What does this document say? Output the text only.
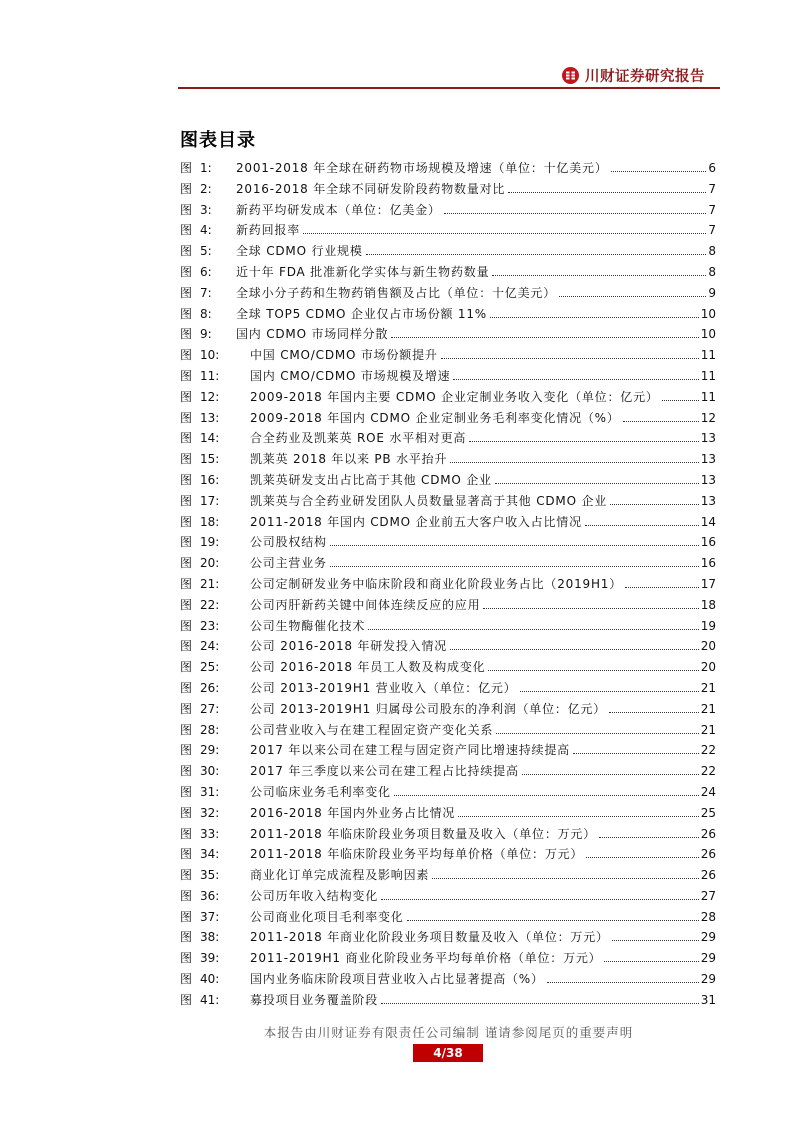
川财证券研究报告
图表目录
图 1:	2001-2018 年全球在研药物市场规模及增速（单位：十亿美元）	6
图 2:	2016-2018 年全球不同研发阶段药物数量对比	7
图 3:	新药平均研发成本（单位：亿美金）	7
图 4:	新药回报率	7
图 5:	全球 CDMO 行业规模	8
图 6:	近十年 FDA 批准新化学实体与新生物药数量	8
图 7:	全球小分子药和生物药销售额及占比（单位：十亿美元）	9
图 8:	全球 TOP5 CDMO 企业仅占市场份额 11%	10
图 9:	国内 CDMO 市场同样分散	10
图 10:	中国 CMO/CDMO 市场份额提升	11
图 11:	国内 CMO/CDMO 市场规模及增速	11
图 12:	2009-2018 年国内主要 CDMO 企业定制业务收入变化（单位：亿元）	11
图 13:	2009-2018 年国内 CDMO 企业定制业务毛利率变化情况（%）	12
图 14:	合全药业及凯莱英 ROE 水平相对更高	13
图 15:	凯莱英 2018 年以来 PB 水平抬升	13
图 16:	凯莱英研发支出占比高于其他 CDMO 企业	13
图 17:	凯莱英与合全药业研发团队人员数量显著高于其他 CDMO 企业	13
图 18:	2011-2018 年国内 CDMO 企业前五大客户收入占比情况	14
图 19:	公司股权结构	16
图 20:	公司主营业务	16
图 21:	公司定制研发业务中临床阶段和商业化阶段业务占比（2019H1）	17
图 22:	公司丙肝新药关键中间体连续反应的应用	18
图 23:	公司生物酶催化技术	19
图 24:	公司 2016-2018 年研发投入情况	20
图 25:	公司 2016-2018 年员工人数及构成变化	20
图 26:	公司 2013-2019H1 营业收入（单位：亿元）	21
图 27:	公司 2013-2019H1 归属母公司股东的净利润（单位：亿元）	21
图 28:	公司营业收入与在建工程固定资产变化关系	21
图 29:	2017 年以来公司在建工程与固定资产同比增速持续提高	22
图 30:	2017 年三季度以来公司在建工程占比持续提高	22
图 31:	公司临床业务毛利率变化	24
图 32:	2016-2018 年国内外业务占比情况	25
图 33:	2011-2018 年临床阶段业务项目数量及收入（单位：万元）	26
图 34:	2011-2018 年临床阶段业务平均每单价格（单位：万元）	26
图 35:	商业化订单完成流程及影响因素	26
图 36:	公司历年收入结构变化	27
图 37:	公司商业化项目毛利率变化	28
图 38:	2011-2018 年商业化阶段业务项目数量及收入（单位：万元）	29
图 39:	2011-2019H1 商业化阶段业务平均每单价格（单位：万元）	29
图 40:	国内业务临床阶段项目营业收入占比显著提高（%）	29
图 41:	募投项目业务覆盖阶段	31
本报告由川财证券有限责任公司编制 谨请参阅尾页的重要声明
4/38
